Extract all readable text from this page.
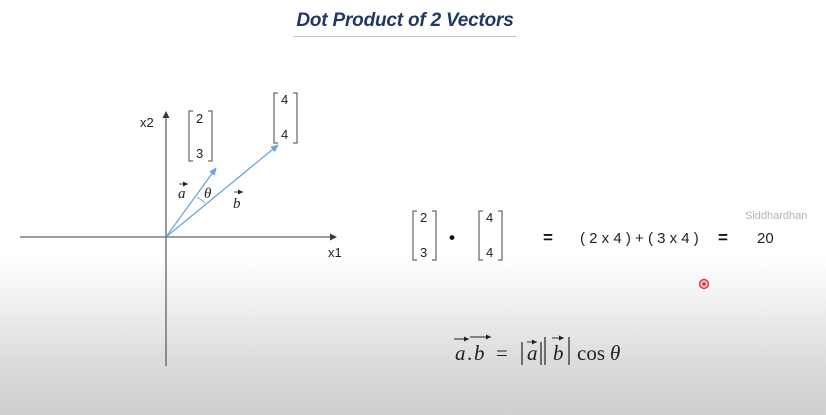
Dot Product of 2 Vectors
x1
x2
a θ
b
2
3
4
4
2
3
•
4
4
= ( 2 x 4 ) + ( 3 x 4 ) = 20
Siddhardhan
a . b = a b cos θ
